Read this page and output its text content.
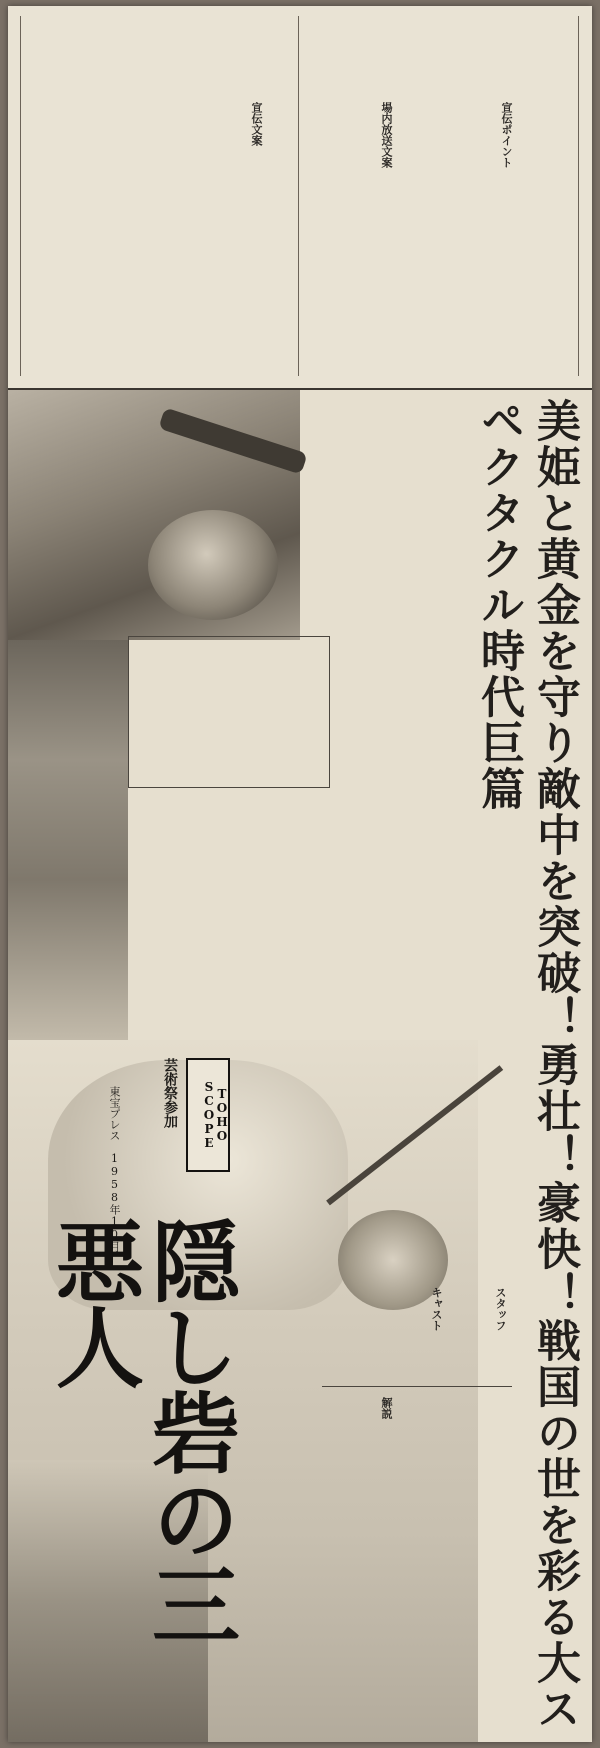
宣伝ポイント
宣伝文案	場内放送文案
美姫と黄金を守り敵中を突破！勇壮！豪快！戦国の世を彩る大スペクタクル時代巨篇
芸術祭参加	TOHO SCOPE
東宝プレス　1958年10月
隠し砦の三悪人	スタッフ
キャスト
解説
